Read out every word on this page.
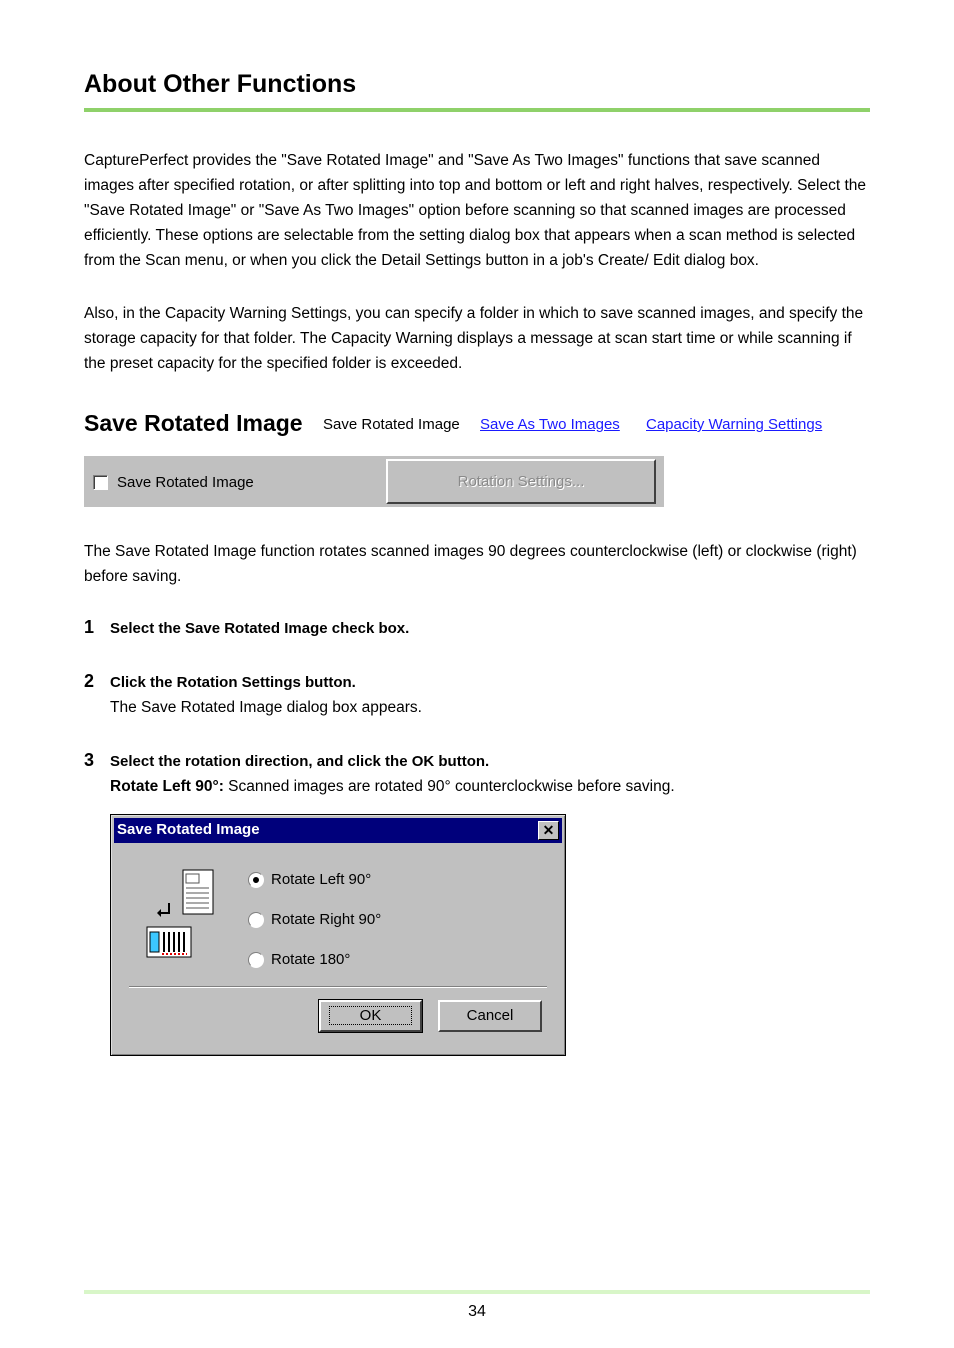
About Other Functions
CapturePerfect provides the "Save Rotated Image" and "Save As Two Images" functions that save scanned images after specified rotation, or after splitting into top and bottom or left and right halves, respectively. Select the "Save Rotated Image" or "Save As Two Images" option before scanning so that scanned images are processed efficiently. These options are selectable from the setting dialog box that appears when a scan method is selected from the Scan menu, or when you click the Detail Settings button in a job's Create/ Edit dialog box.
Also, in the Capacity Warning Settings, you can specify a folder in which to save scanned images, and specify the storage capacity for that folder. The Capacity Warning displays a message at scan start time or while scanning if the preset capacity for the specified folder is exceeded.
Save Rotated Image Save Rotated Image Save As Two Images Capacity Warning Settings
Save Rotated Image	Rotation Settings...
The Save Rotated Image function rotates scanned images 90 degrees counterclockwise (left) or clockwise (right) before saving.
1 Select the Save Rotated Image check box.
2 Click the Rotation Settings button.
The Save Rotated Image dialog box appears.
3 Select the rotation direction, and click the OK button.
Rotate Left 90°: Scanned images are rotated 90° counterclockwise before saving.
Save Rotated Image	✕
Rotate Left 90°
Rotate Right 90°
Rotate 180°
OK	Cancel
34
